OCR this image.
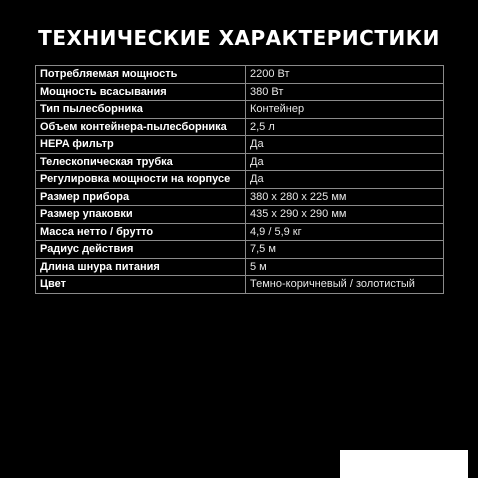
ТЕХНИЧЕСКИЕ ХАРАКТЕРИСТИКИ
Потребляемая мощность	2200 Вт
Мощность всасывания	380 Вт
Тип пылесборника	Контейнер
Объем контейнера-пылесборника	2,5 л
HEPA фильтр	Да
Телескопическая трубка	Да
Регулировка мощности на корпусе	Да
Размер прибора	380 х 280 х 225 мм
Размер упаковки	435 х 290 х 290 мм
Масса нетто / брутто	4,9 / 5,9 кг
Радиус действия	7,5 м
Длина шнура питания	5 м
Цвет	Темно-коричневый / золотистый
